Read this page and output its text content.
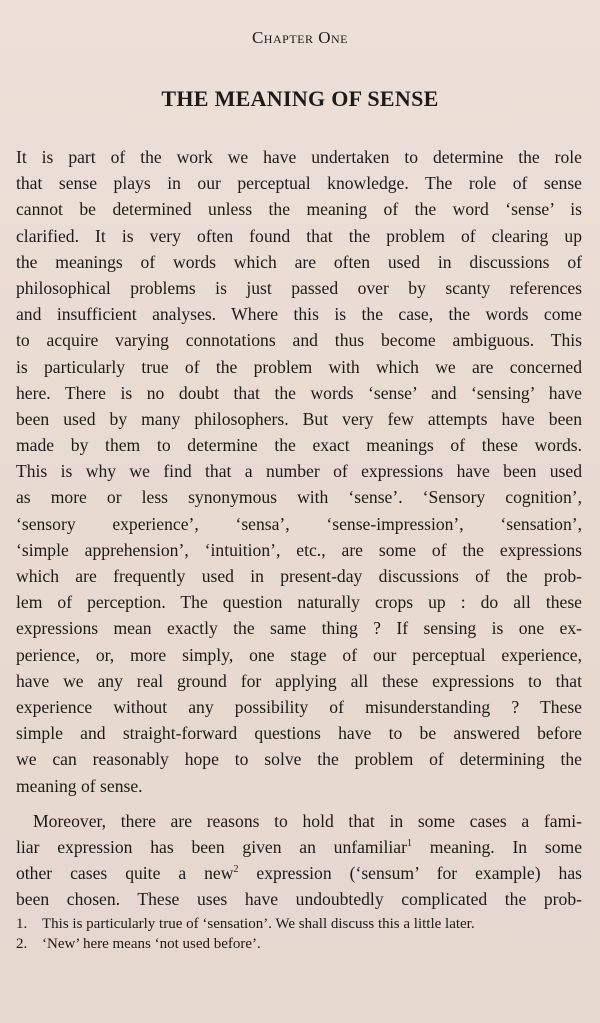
Chapter One
THE MEANING OF SENSE
It is part of the work we have undertaken to determine the role
that sense plays in our perceptual knowledge. The role of sense
cannot be determined unless the meaning of the word ‘sense’ is
clarified. It is very often found that the problem of clearing up
the meanings of words which are often used in discussions of
philosophical problems is just passed over by scanty references
and insufficient analyses. Where this is the case, the words come
to acquire varying connotations and thus become ambiguous. This
is particularly true of the problem with which we are concerned
here. There is no doubt that the words ‘sense’ and ‘sensing’ have
been used by many philosophers. But very few attempts have been
made by them to determine the exact meanings of these words.
This is why we find that a number of expressions have been used
as more or less synonymous with ‘sense’. ‘Sensory cognition’,
‘sensory experience’, ‘sensa’, ‘sense-impression’, ‘sensation’,
‘simple apprehension’, ‘intuition’, etc., are some of the expressions
which are frequently used in present-day discussions of the prob-
lem of perception. The question naturally crops up : do all these
expressions mean exactly the same thing ? If sensing is one ex-
perience, or, more simply, one stage of our perceptual experience,
have we any real ground for applying all these expressions to that
experience without any possibility of misunderstanding ? These
simple and straight-forward questions have to be answered before
we can reasonably hope to solve the problem of determining the
meaning of sense.
Moreover, there are reasons to hold that in some cases a fami-
liar expression has been given an unfamiliar$^1$ meaning. In some
other cases quite a new$^2$ expression (‘sensum’ for example) has
been chosen. These uses have undoubtedly complicated the prob-
1. This is particularly true of ‘sensation’. We shall discuss this a little later.
2. ‘New’ here means ‘not used before’.
